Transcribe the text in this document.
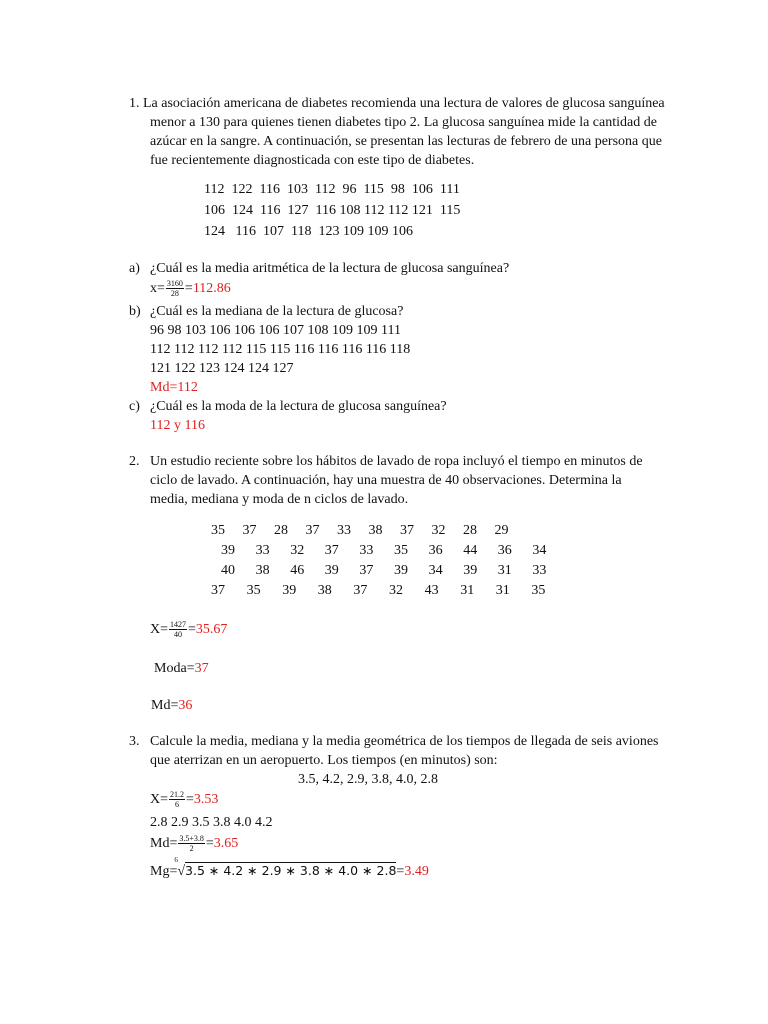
1. La asociación americana de diabetes recomienda una lectura de valores de glucosa sanguínea
menor a 130 para quienes tienen diabetes tipo 2. La glucosa sanguínea mide la cantidad de
azúcar en la sangre. A continuación, se presentan las lecturas de febrero de una persona que
fue recientemente diagnosticada con este tipo de diabetes.
112  122  116  103  112  96  115  98  106  111
106  124  116  127  116 108 112 112 121  115
124   116  107  118  123 109 109 106
a) ¿Cuál es la media aritmética de la lectura de glucosa sanguínea?
$x= \frac{3160}{28} =112.86$
b) ¿Cuál es la mediana de la lectura de glucosa?
96 98 103 106 106 106 107 108 109 109 111
112 112 112 112 115 115 116 116 116 116 118
121 122 123 124 124 127
Md=112
c) ¿Cuál es la moda de la lectura de glucosa sanguínea?
112 y 116
2. Un estudio reciente sobre los hábitos de lavado de ropa incluyó el tiempo en minutos de
ciclo de lavado. A continuación, hay una muestra de 40 observaciones. Determina la
media, mediana y moda de n ciclos de lavado.
35 37 28 37 33 38 37 32 28 29
39 33 32 37 33 35 36 44 36 34
40 38 46 39 37 39 34 39 31 33
37 35 39 38 37 32 43 31 31 35
$X= \frac{1427}{40} =35.67$
Moda=37
Md=36
3. Calcule la media, mediana y la media geométrica de los tiempos de llegada de seis aviones
que aterrizan en un aeropuerto. Los tiempos (en minutos) son:
3.5, 4.2, 2.9, 3.8, 4.0, 2.8
$X= \frac{21.2}{6} =3.53$
2.8 2.9 3.5 3.8 4.0 4.2
$Md= \frac{3.5+3.8}{2} =3.65$
Mg=
6
√3.5 ∗ 4.2 ∗ 2.9 ∗ 3.8 ∗ 4.0 ∗ 2.8=3.49
